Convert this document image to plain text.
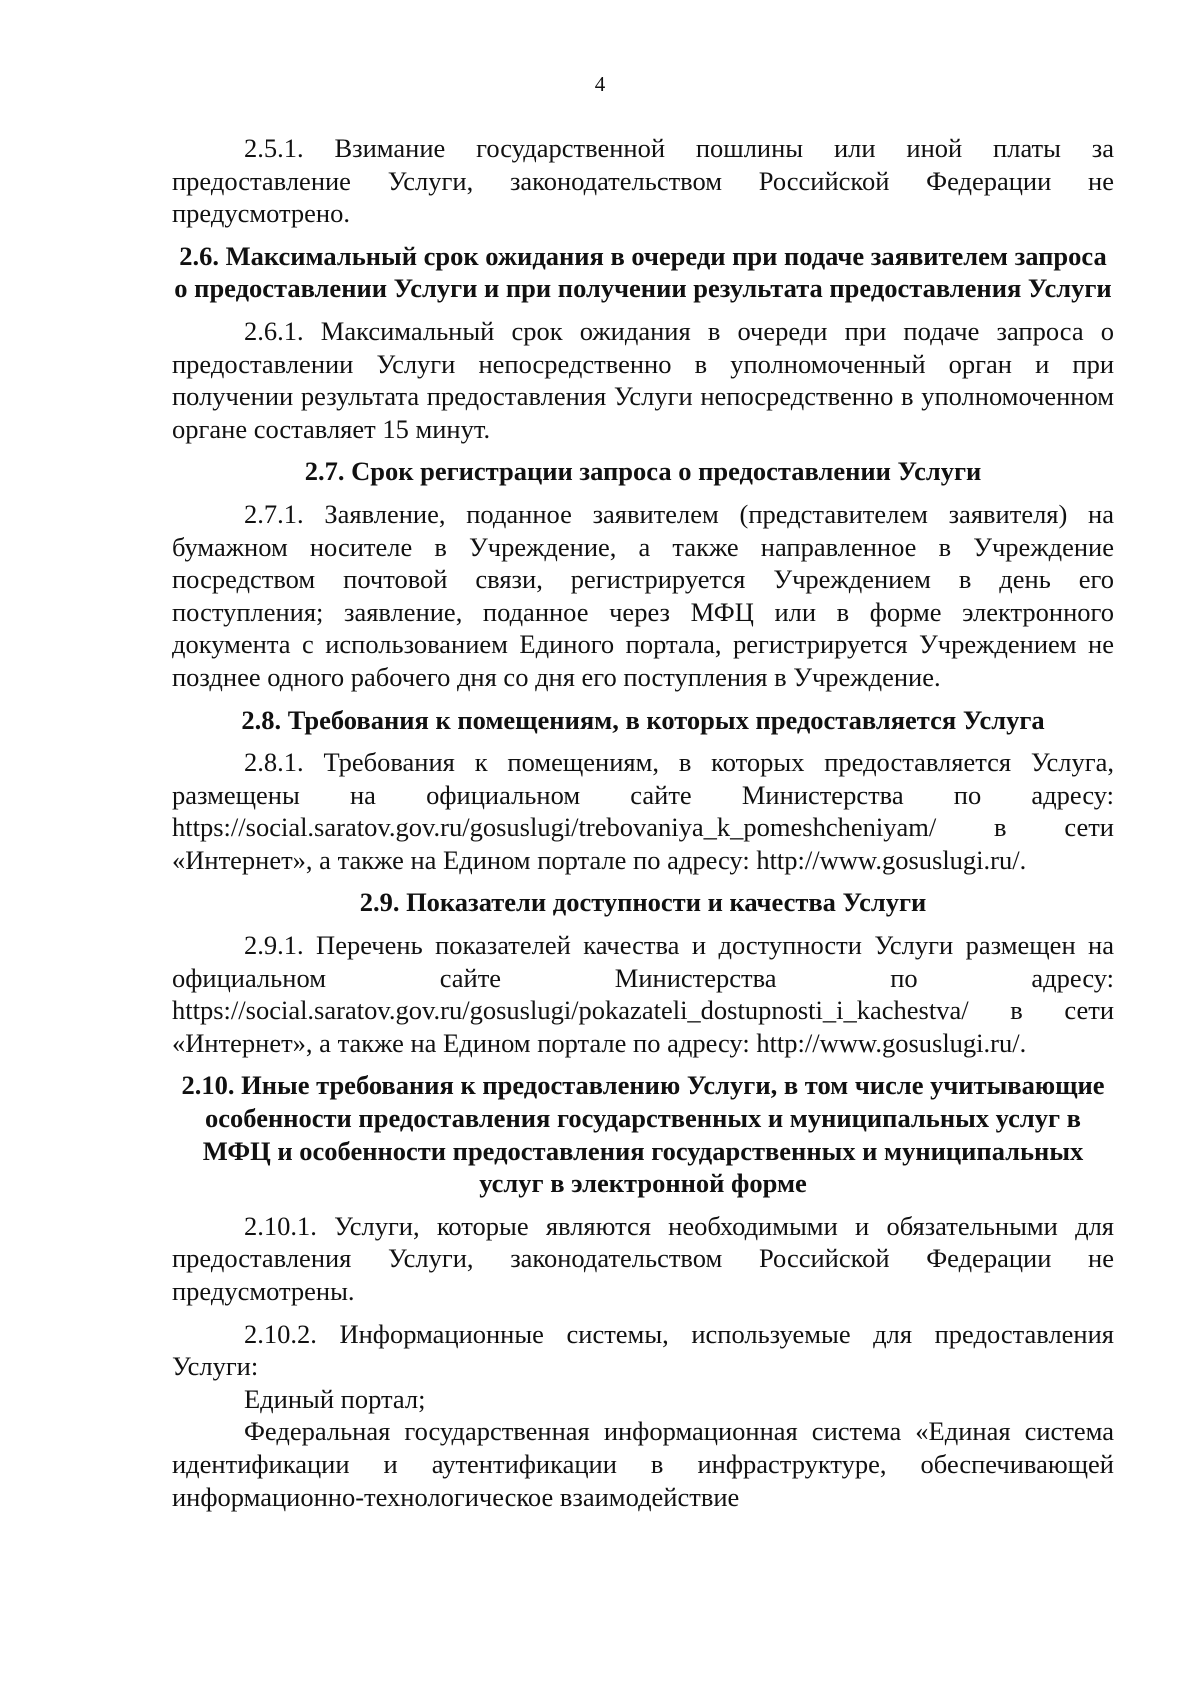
4

2.5.1. Взимание государственной пошлины или иной платы за предоставление Услуги, законодательством Российской Федерации не предусмотрено.

2.6. Максимальный срок ожидания в очереди при подаче заявителем запроса о предоставлении Услуги и при получении результата предоставления Услуги

2.6.1. Максимальный срок ожидания в очереди при подаче запроса о предоставлении Услуги непосредственно в уполномоченный орган и при получении результата предоставления Услуги непосредственно в уполномоченном органе составляет 15 минут.

2.7. Срок регистрации запроса о предоставлении Услуги

2.7.1. Заявление, поданное заявителем (представителем заявителя) на бумажном носителе в Учреждение, а также направленное в Учреждение посредством почтовой связи, регистрируется Учреждением в день его поступления; заявление, поданное через МФЦ или в форме электронного документа с использованием Единого портала, регистрируется Учреждением не позднее одного рабочего дня со дня его поступления в Учреждение.

2.8. Требования к помещениям, в которых предоставляется Услуга

2.8.1. Требования к помещениям, в которых предоставляется Услуга, размещены на официальном сайте Министерства по адресу: https://social.saratov.gov.ru/gosuslugi/trebovaniya_k_pomeshcheniyam/ в сети «Интернет», а также на Едином портале по адресу: http://www.gosuslugi.ru/.

2.9. Показатели доступности и качества Услуги

2.9.1. Перечень показателей качества и доступности Услуги размещен на официальном сайте Министерства по адресу: https://social.saratov.gov.ru/gosuslugi/pokazateli_dostupnosti_i_kachestva/ в сети «Интернет», а также на Едином портале по адресу: http://www.gosuslugi.ru/.

2.10. Иные требования к предоставлению Услуги, в том числе учитывающие особенности предоставления государственных и муниципальных услуг в МФЦ и особенности предоставления государственных и муниципальных услуг в электронной форме

2.10.1. Услуги, которые являются необходимыми и обязательными для предоставления Услуги, законодательством Российской Федерации не предусмотрены.

2.10.2. Информационные системы, используемые для предоставления Услуги:

Единый портал;

Федеральная государственная информационная система «Единая система идентификации и аутентификации в инфраструктуре, обеспечивающей информационно-технологическое взаимодействие
